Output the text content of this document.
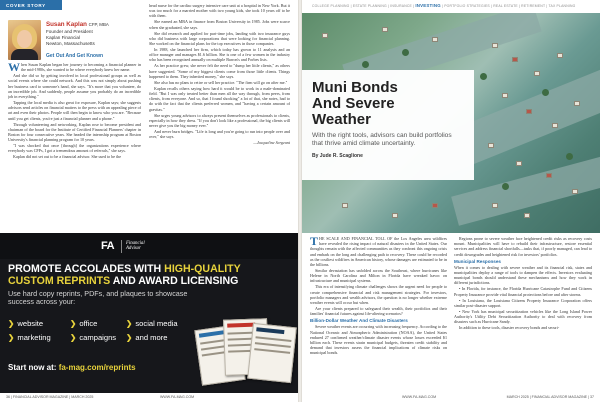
COVER STORY
Susan Kaplan CFP, MBA
Founder and President
Kaplan Financial
Newton, Massachusetts
Get Out And Get Known

When Susan Kaplan began her journey to becoming a financial planner in the mid-1980s, she wanted to be where everybody knew her name.

And she did so by getting involved in local professional groups as well as social events where she could network. And this was not simply about pushing her business card to someone's hand, she says. "It's more that you volunteer, do an incredible job. And suddenly, people assume you probably do an incredible job in everything."

Tapping the local media is also great for exposure, Kaplan says; she suggests advisors send articles on financial matters to the press with an appealing piece of art and even their photos. People will then begin to know who you are. "Because until you get clients, you're just a financial planner and a phone."

Through volunteering and networking, Kaplan rose to become president and chairman of the board for the Institute of Certified Financial Planners' chapter in Boston for four consecutive years. She headed the internship program at Boston University's financial planning program for 10 years.

"I was shocked that once [through] the organizations experience where everybody was CFPs, I got a tremendous amount of referrals," she says.

Kaplan did not set out to be a financial advisor. She used to be the

head nurse for the cardiac surgery intensive care unit at a hospital in New York. But it was too much for a married mother with two young kids, she took 10 years off to be with them.

She earned an MBA in finance from Boston University in 1985. Jobs were scarce when she graduated, she says.

She did research and applied for part-time jobs, landing with two insurance guys who did business with large corporations that were looking for financial planning. She worked on the financial plans for the top executives in those companies.

In 1988, she launched her firm, which today has grown to 11 analysts and an office manager and manages $1.6 billion. She is one of a few women in the industry who has been recognized annually on multiple Barron's and Forbes lists.

As her practice grew, she never felt the need to "dump her little clients," as others have suggested. "Some of my biggest clients come from those little clients. Things happened to them. They inherited money," she says.

She also has no plans to retire or sell her practice. "The firm will go on after me."

Kaplan recalls others saying how hard it would be to work in a male-dominated field. "But I was only treated better than men all the way through, from peers, from clients, from everyone. And so, that I found shocking" a lot of that, she notes, had to do with the fact that the clients preferred women, and "having a certain amount of gravitas."

She urges young advisors to always present themselves as professionals to clients, especially in how they dress. "If you don't look like a professional, the big clients will never give you the big money ever."

And never burn bridges. "Life is long and you're going to run into people over and over," she says.

—Jacqueline Sergeant

FA Financial Advisor
PROMOTE ACCOLADES WITH HIGH-QUALITY
CUSTOM REPRINTS AND AWARD LICENSING
Use hard copy reprints, PDFs, and plaques to showcase success across your:
❯ website	❯ office	❯ social media
❯ marketing	❯ campaigns ❯ and more
Start now at: fa-mag.com/reprints
36 | FINANCIAL ADVISOR MAGAZINE | MARCH 2025	WWW.FA-MAG.COM
COLLEGE PLANNING | ESTATE PLANNING | INSURANCE | INVESTING | PORTFOLIO STRATEGIES | REAL ESTATE | RETIREMENT | TAX PLANNING
Muni Bonds
And Severe
Weather
With the right tools, advisors can build portfolios that thrive amid climate uncertainty.
By Jude R. Scaglione

THE SCALE AND FINANCIAL TOLL OF the Los Angeles area wildfires have revealed the rising impact of natural disasters in the United States. Our thoughts remain with the affected communities as they confront this ongoing crisis and embark on the long and challenging path to recovery. These could be recorded as the costliest wildfires in American history, whose damages are estimated to be in the billions.

Similar devastation has unfolded across the Southeast, where hurricanes like Helene in North Carolina and Milton in Florida have wreaked havoc on infrastructure and municipal systems.

This era of intensifying climate challenges shows the urgent need for people to create comprehensive financial and risk management strategies. For investors, portfolio managers and wealth advisors, the question is no longer whether extreme weather events will occur but when.

Are your clients prepared to safeguard their wealth, their portfolios and their families' financial futures against life-altering scenarios?

Billion-Dollar Weather And Climate Disasters

Severe weather events are occurring with increasing frequency. According to the National Oceanic and Atmospheric Administration (NOAA), the United States endured 27 confirmed weather/climate disaster events whose losses exceeded $1 billion each. These events strain municipal budgets, threaten credit stability and demand that investors assess the financial implications of climate risks on municipal bonds.

Regions prone to severe weather face heightened credit risks as recovery costs mount. Municipalities will have to rebuild their infrastructure, restore essential services and address financial shortfalls—tasks that, if poorly managed, can lead to credit downgrades and heightened risk for investors' portfolios.

Municipal Responses

When it comes to dealing with severe weather and its financial risk, states and municipalities deploy a range of tools to dampen the effects. Investors evaluating municipal bonds should understand these mechanisms and how they work in different jurisdictions.

• In Florida, for instance, the Florida Hurricane Catastrophe Fund and Citizens Property Insurance provide vital financial protections before and after storms.

• In Louisiana, the Louisiana Citizens Property Insurance Corporation offers similar post-disaster support.

• New York has municipal securitization vehicles like the Long Island Power Authority's Utility Debt Securitization Authority to deal with recovery from disasters such as Hurricane Sandy.

In addition to these tools, disaster recovery bonds and securi-

WWW.FA-MAG.COM	MARCH 2025 | FINANCIAL ADVISOR MAGAZINE | 37
